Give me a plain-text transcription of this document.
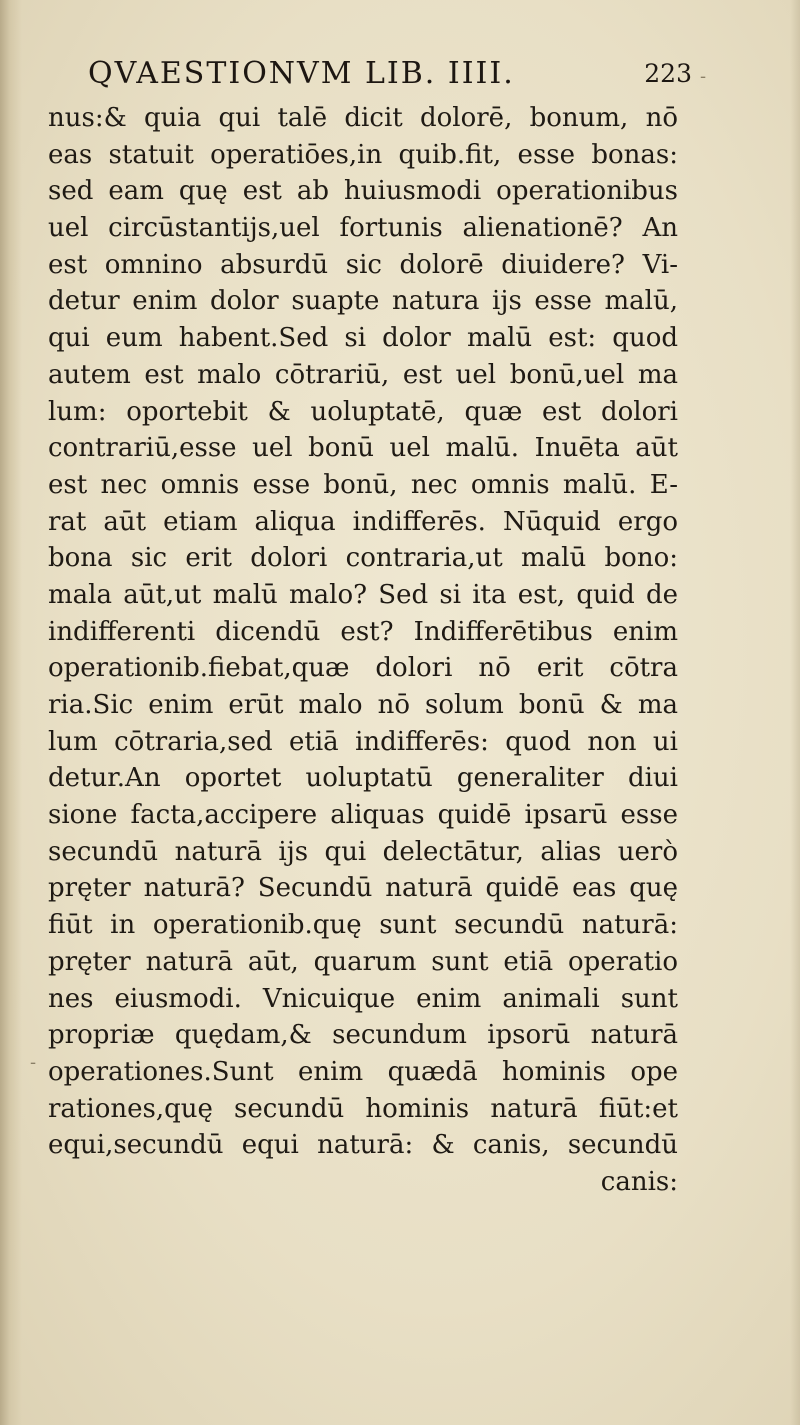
QVAESTIONVM LIB. IIII.	223
nus:& quia qui talē dicit dolorē, bonum, nō
eas statuit operatiōes,in quib.fit, esse bonas:
sed eam quę est ab huiusmodi operationibus
uel circūstantijs,uel fortunis alienationē? An
est omnino absurdū sic dolorē diuidere? Vi-
detur enim dolor suapte natura ijs esse malū,
qui eum habent.Sed si dolor malū est: quod
autem est malo cōtrariū, est uel bonū,uel ma
lum: oportebit & uoluptatē, quæ est dolori
contrariū,esse uel bonū uel malū. Inuēta aūt
est nec omnis esse bonū, nec omnis malū. E-
rat aūt etiam aliqua indifferēs. Nūquid ergo
bona sic erit dolori contraria,ut malū bono:
mala aūt,ut malū malo? Sed si ita est, quid de
indifferenti dicendū est? Indifferētibus enim
operationib.fiebat,quæ dolori nō erit cōtra
ria.Sic enim erūt malo nō solum bonū & ma
lum cōtraria,sed etiā indifferēs: quod non ui
detur.An oportet uoluptatū generaliter diui
sione facta,accipere aliquas quidē ipsarū esse
secundū naturā ijs qui delectātur, alias uerò
pręter naturā? Secundū naturā quidē eas quę
fiūt in operationib.quę sunt secundū naturā:
pręter naturā aūt, quarum sunt etiā operatio
nes eiusmodi. Vnicuique enim animali sunt
propriæ quędam,& secundum ipsorū naturā
operationes.Sunt enim quædā hominis ope
rationes,quę secundū hominis naturā fiūt:et
equi,secundū equi naturā: & canis, secundū
canis:
-
-
